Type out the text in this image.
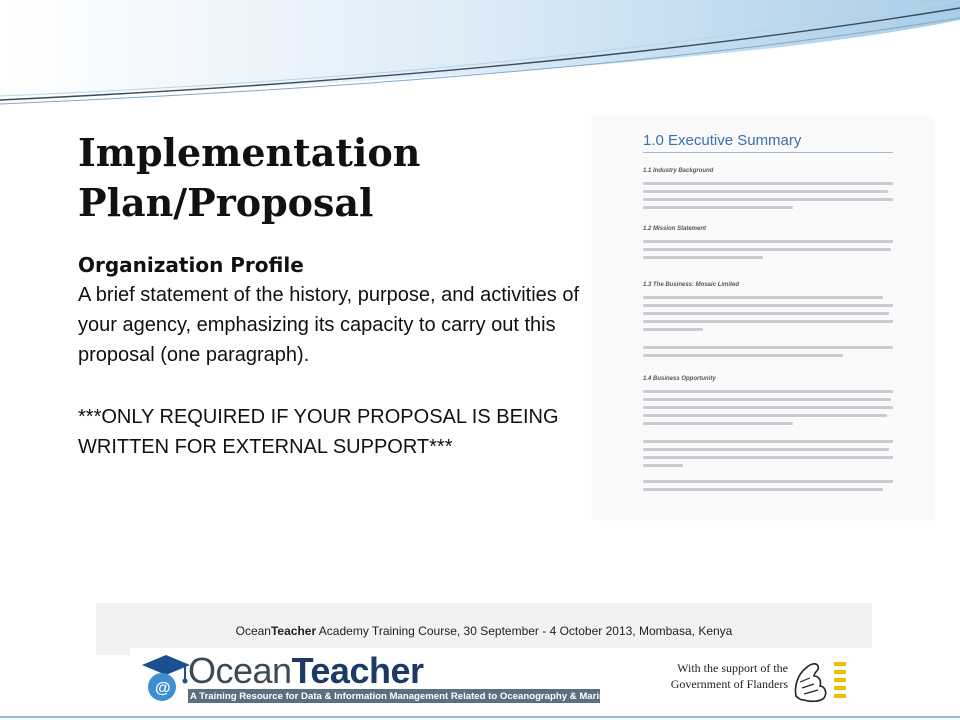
Implementation
Plan/Proposal
Organization Profile
A brief statement of the history, purpose, and activities of your agency, emphasizing its capacity to carry out this proposal (one paragraph).
***ONLY REQUIRED IF YOUR PROPOSAL IS BEING WRITTEN FOR EXTERNAL SUPPORT***
1.0 Executive Summary
1.1 Industry Background
1.2 Mission Statement
1.3 The Business: Mosaic Limited
1.4 Business Opportunity
OceanTeacher Academy Training Course, 30 September - 4 October 2013, Mombasa, Kenya
@ OceanTeacher
A Training Resource for Data & Information Management Related to Oceanography & Marine Meteorology
With the support of the
Government of Flanders
